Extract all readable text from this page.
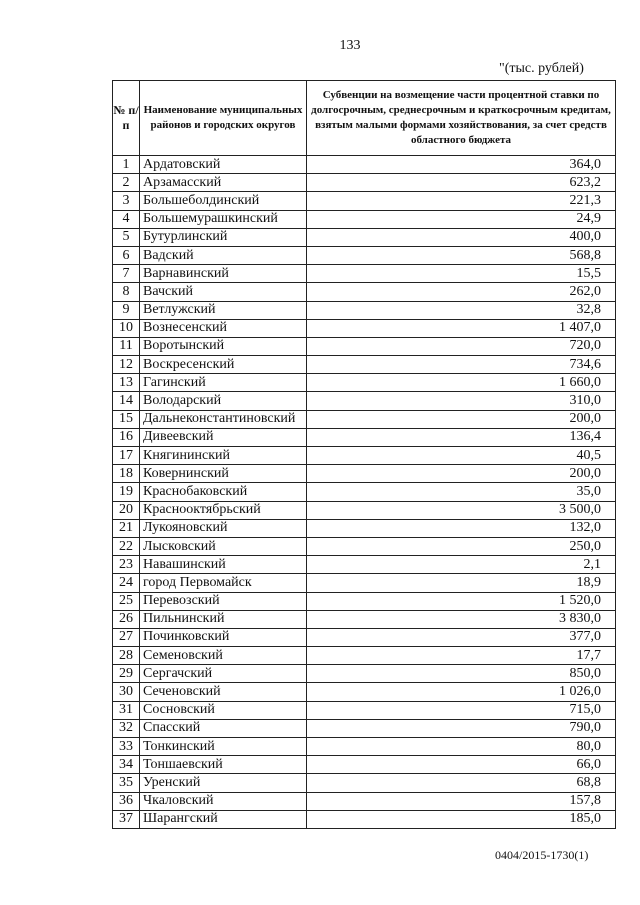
133
"(тыс. рублей)
№ п/п	Наименование муниципальных районов и городских округов	Субвенции на возмещение части процентной ставки по долгосрочным, среднесрочным и краткосрочным кредитам, взятым малыми формами хозяйствования, за счет средств областного бюджета
1	Ардатовский	364,0
2	Арзамасский	623,2
3	Большеболдинский	221,3
4	Большемурашкинский	24,9
5	Бутурлинский	400,0
6	Вадский	568,8
7	Варнавинский	15,5
8	Вачский	262,0
9	Ветлужский	32,8
10	Вознесенский	1 407,0
11	Воротынский	720,0
12	Воскресенский	734,6
13	Гагинский	1 660,0
14	Володарский	310,0
15	Дальнеконстантиновский	200,0
16	Дивеевский	136,4
17	Княгининский	40,5
18	Ковернинский	200,0
19	Краснобаковский	35,0
20	Краснооктябрьский	3 500,0
21	Лукояновский	132,0
22	Лысковский	250,0
23	Навашинский	2,1
24	город Первомайск	18,9
25	Перевозский	1 520,0
26	Пильнинский	3 830,0
27	Починковский	377,0
28	Семеновский	17,7
29	Сергачский	850,0
30	Сеченовский	1 026,0
31	Сосновский	715,0
32	Спасский	790,0
33	Тонкинский	80,0
34	Тоншаевский	66,0
35	Уренский	68,8
36	Чкаловский	157,8
37	Шарангский	185,0
0404/2015-1730(1)
